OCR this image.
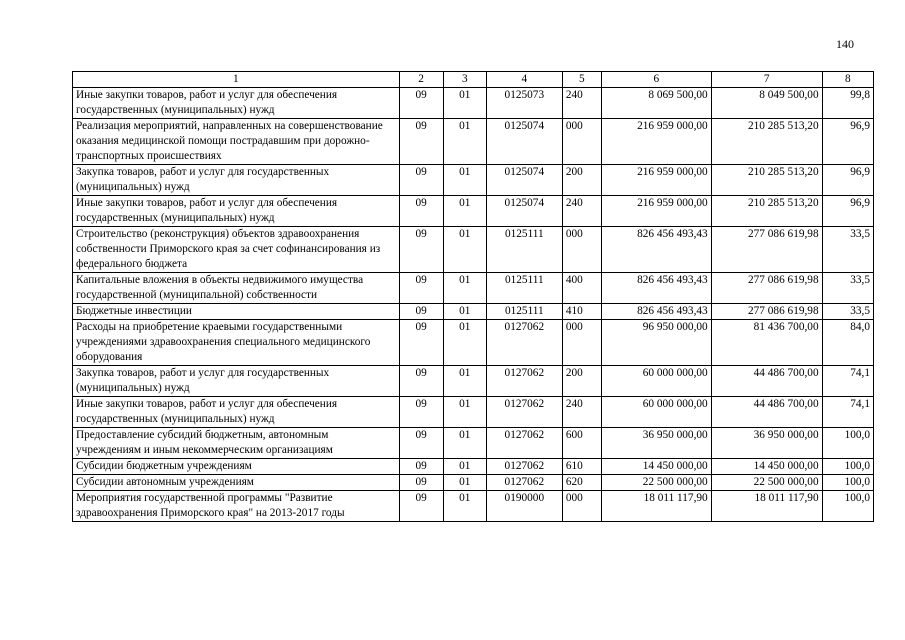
140
1	2	3	4	5	6	7	8
Иные закупки товаров, работ и услуг для обеспечения государственных (муниципальных) нужд	09	01	0125073	240	8 069 500,00	8 049 500,00	99,8
Реализация мероприятий, направленных на совершенствование оказания медицинской помощи пострадавшим при дорожно-транспортных происшествиях	09	01	0125074	000	216 959 000,00	210 285 513,20	96,9
Закупка товаров, работ и услуг для государственных (муниципальных) нужд	09	01	0125074	200	216 959 000,00	210 285 513,20	96,9
Иные закупки товаров, работ и услуг для обеспечения государственных (муниципальных) нужд	09	01	0125074	240	216 959 000,00	210 285 513,20	96,9
Строительство (реконструкция) объектов здравоохранения собственности Приморского края за счет софинансирования из федерального бюджета	09	01	0125111	000	826 456 493,43	277 086 619,98	33,5
Капитальные вложения в объекты недвижимого имущества государственной (муниципальной) собственности	09	01	0125111	400	826 456 493,43	277 086 619,98	33,5
Бюджетные инвестиции	09	01	0125111	410	826 456 493,43	277 086 619,98	33,5
Расходы на приобретение краевыми государственными учреждениями здравоохранения специального медицинского оборудования	09	01	0127062	000	96 950 000,00	81 436 700,00	84,0
Закупка товаров, работ и услуг для государственных (муниципальных) нужд	09	01	0127062	200	60 000 000,00	44 486 700,00	74,1
Иные закупки товаров, работ и услуг для обеспечения государственных (муниципальных) нужд	09	01	0127062	240	60 000 000,00	44 486 700,00	74,1
Предоставление субсидий бюджетным, автономным учреждениям и иным некоммерческим организациям	09	01	0127062	600	36 950 000,00	36 950 000,00	100,0
Субсидии бюджетным учреждениям	09	01	0127062	610	14 450 000,00	14 450 000,00	100,0
Субсидии автономным учреждениям	09	01	0127062	620	22 500 000,00	22 500 000,00	100,0
Мероприятия государственной программы "Развитие здравоохранения Приморского края" на 2013-2017 годы	09	01	0190000	000	18 011 117,90	18 011 117,90	100,0
